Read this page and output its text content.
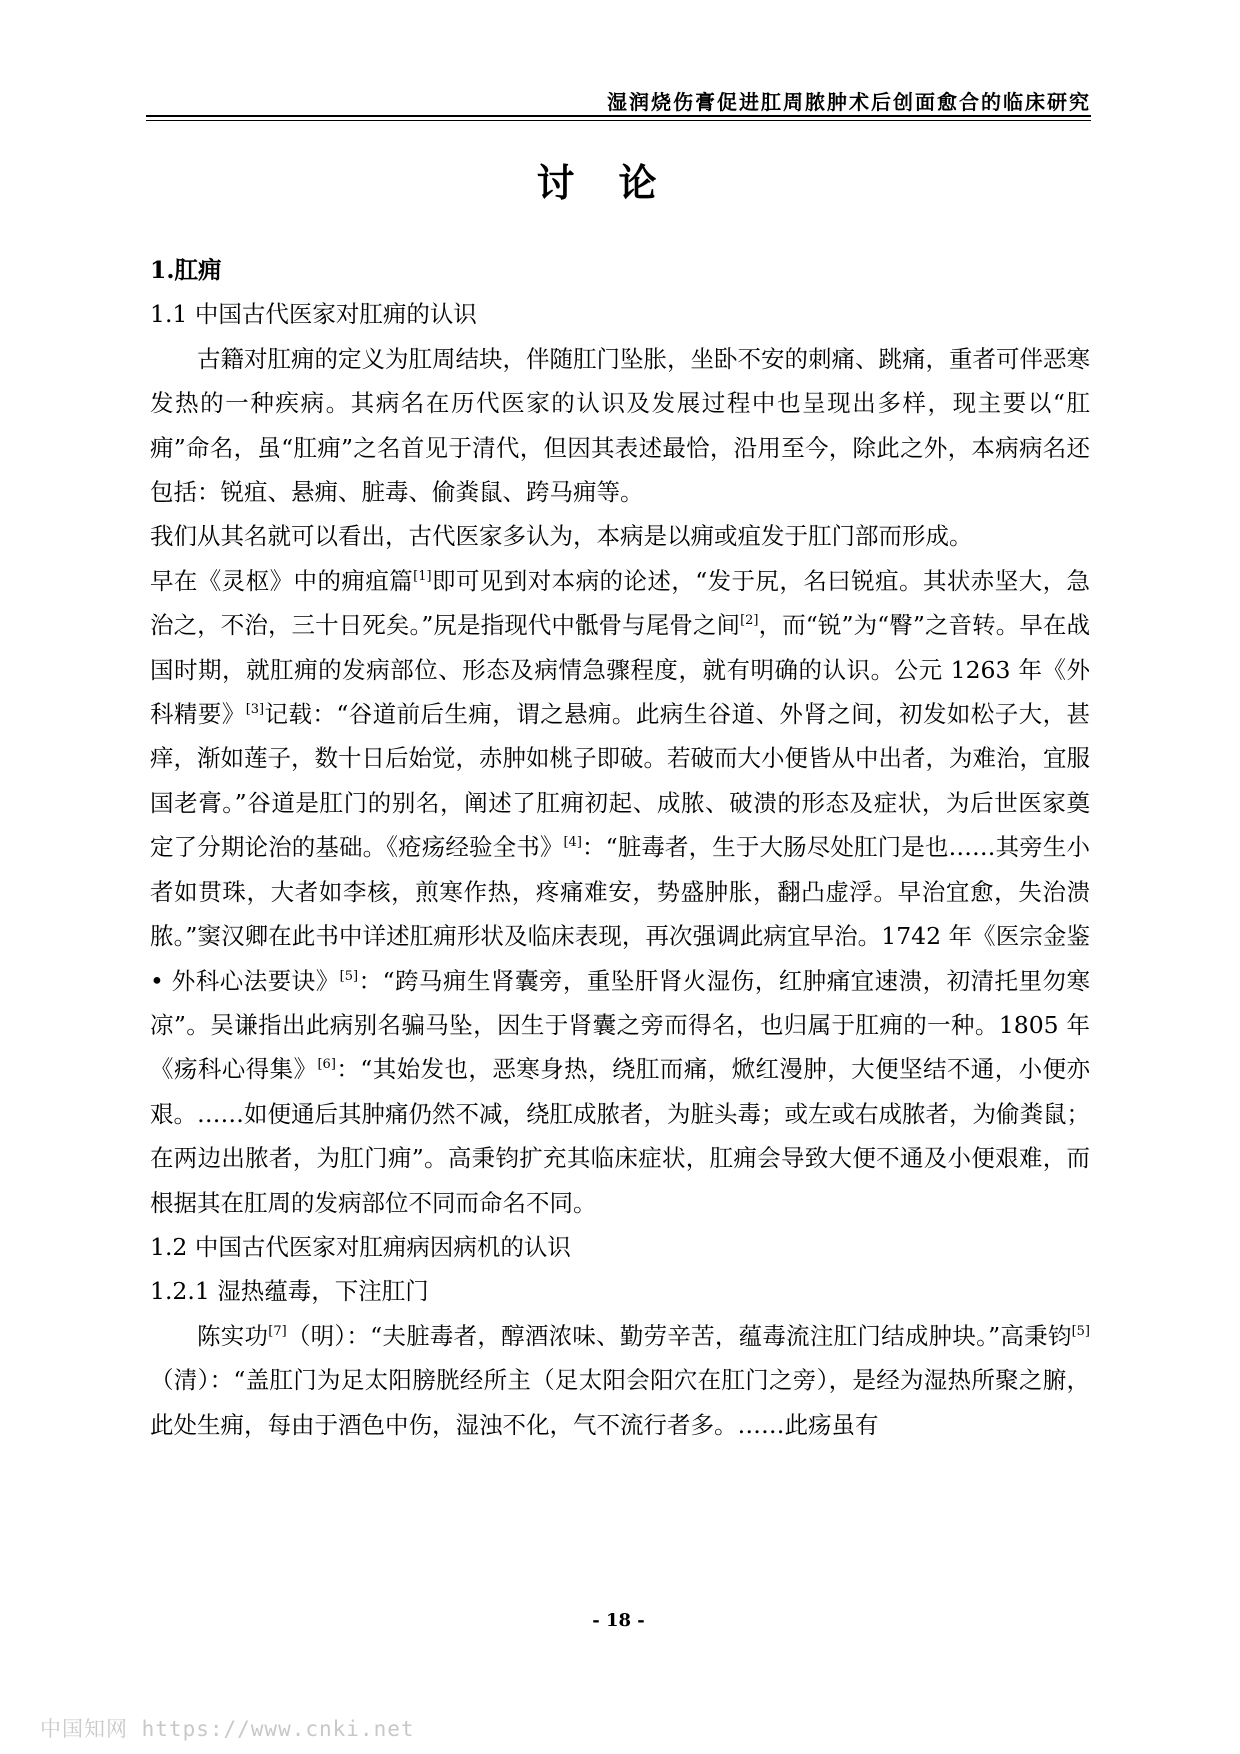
湿润烧伤膏促进肛周脓肿术后创面愈合的临床研究
讨论

1.肛痈

1.1 中国古代医家对肛痈的认识

古籍对肛痈的定义为肛周结块，伴随肛门坠胀，坐卧不安的刺痛、跳痛，重者可伴恶寒发热的一种疾病。其病名在历代医家的认识及发展过程中也呈现出多样，现主要以“肛痈”命名，虽“肛痈”之名首见于清代，但因其表述最恰，沿用至今，除此之外，本病病名还包括：锐疽、悬痈、脏毒、偷粪鼠、跨马痈等。

我们从其名就可以看出，古代医家多认为，本病是以痈或疽发于肛门部而形成。

早在《灵枢》中的痈疽篇[1]即可见到对本病的论述，“发于尻，名曰锐疽。其状赤坚大，急治之，不治，三十日死矣。”尻是指现代中骶骨与尾骨之间[2]，而“锐”为“臀”之音转。早在战国时期，就肛痈的发病部位、形态及病情急骤程度，就有明确的认识。公元 1263 年《外科精要》[3]记载：“谷道前后生痈，谓之悬痈。此病生谷道、外肾之间，初发如松子大，甚痒，渐如莲子，数十日后始觉，赤肿如桃子即破。若破而大小便皆从中出者，为难治，宜服国老膏。”谷道是肛门的别名，阐述了肛痈初起、成脓、破溃的形态及症状，为后世医家奠定了分期论治的基础。《疮疡经验全书》[4]：“脏毒者，生于大肠尽处肛门是也……其旁生小者如贯珠，大者如李核，煎寒作热，疼痛难安，势盛肿胀，翻凸虚浮。早治宜愈，失治溃脓。”窦汉卿在此书中详述肛痈形状及临床表现，再次强调此病宜早治。1742 年《医宗金鉴 • 外科心法要诀》[5]：“跨马痈生肾囊旁，重坠肝肾火湿伤，红肿痛宜速溃，初清托里勿寒凉”。吴谦指出此病别名骗马坠，因生于肾囊之旁而得名，也归属于肛痈的一种。1805 年《疡科心得集》[6]：“其始发也，恶寒身热，绕肛而痛，焮红漫肿，大便坚结不通，小便亦艰。……如便通后其肿痛仍然不减，绕肛成脓者，为脏头毒；或左或右成脓者，为偷粪鼠；在两边出脓者，为肛门痈”。高秉钧扩充其临床症状，肛痈会导致大便不通及小便艰难，而根据其在肛周的发病部位不同而命名不同。

1.2 中国古代医家对肛痈病因病机的认识

1.2.1 湿热蕴毒，下注肛门

陈实功[7]（明）：“夫脏毒者，醇酒浓味、勤劳辛苦，蕴毒流注肛门结成肿块。”高秉钧[5]（清）：“盖肛门为足太阳膀胱经所主（足太阳会阳穴在肛门之旁），是经为湿热所聚之腑，此处生痈，每由于酒色中伤，湿浊不化，气不流行者多。……此疡虽有

- 18 -
中国知网 https://www.cnki.net
